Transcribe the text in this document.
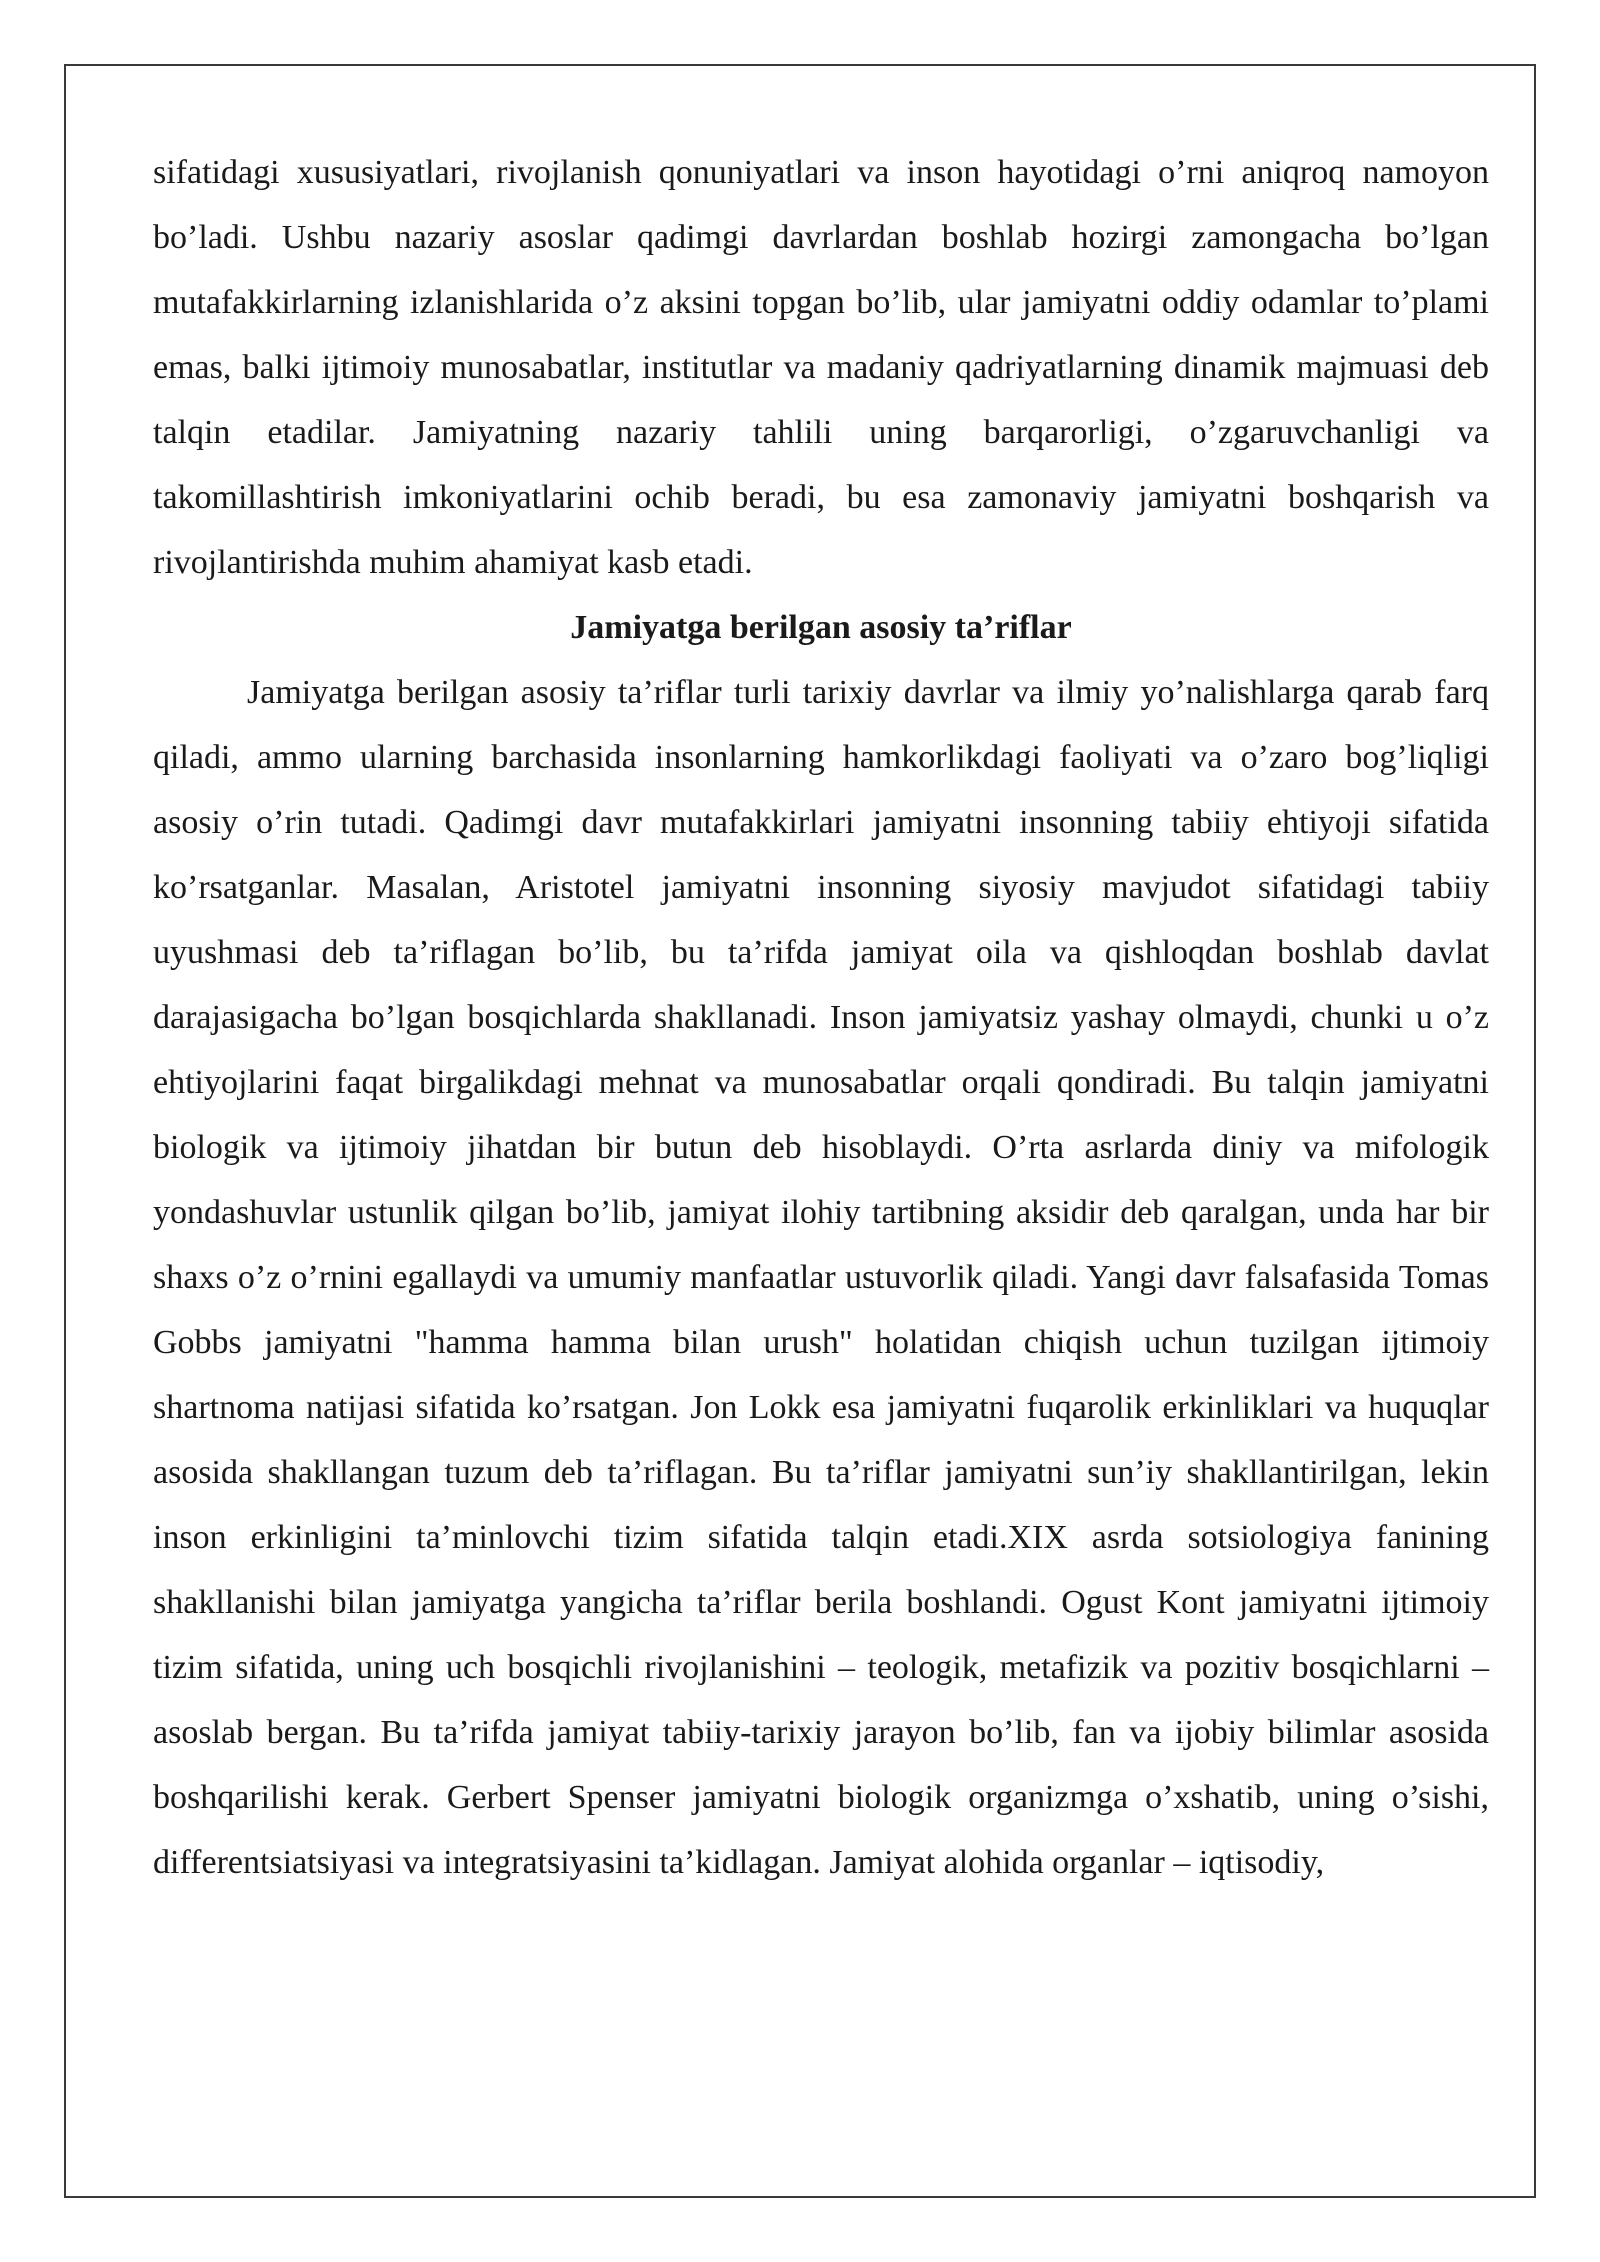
sifatidagi xususiyatlari, rivojlanish qonuniyatlari va inson hayotidagi o’rni aniqroq namoyon bo’ladi. Ushbu nazariy asoslar qadimgi davrlardan boshlab hozirgi zamongacha bo’lgan mutafakkirlarning izlanishlarida o’z aksini topgan bo’lib, ular jamiyatni oddiy odamlar to’plami emas, balki ijtimoiy munosabatlar, institutlar va madaniy qadriyatlarning dinamik majmuasi deb talqin etadilar. Jamiyatning nazariy tahlili uning barqarorligi, o’zgaruvchanligi va takomillashtirish imkoniyatlarini ochib beradi, bu esa zamonaviy jamiyatni boshqarish va rivojlantirishda muhim ahamiyat kasb etadi.

Jamiyatga berilgan asosiy ta’riflar

Jamiyatga berilgan asosiy ta’riflar turli tarixiy davrlar va ilmiy yo’nalishlarga qarab farq qiladi, ammo ularning barchasida insonlarning hamkorlikdagi faoliyati va o’zaro bog’liqligi asosiy o’rin tutadi. Qadimgi davr mutafakkirlari jamiyatni insonning tabiiy ehtiyoji sifatida ko’rsatganlar. Masalan, Aristotel jamiyatni insonning siyosiy mavjudot sifatidagi tabiiy uyushmasi deb ta’riflagan bo’lib, bu ta’rifda jamiyat oila va qishloqdan boshlab davlat darajasigacha bo’lgan bosqichlarda shakllanadi. Inson jamiyatsiz yashay olmaydi, chunki u o’z ehtiyojlarini faqat birgalikdagi mehnat va munosabatlar orqali qondiradi. Bu talqin jamiyatni biologik va ijtimoiy jihatdan bir butun deb hisoblaydi. O’rta asrlarda diniy va mifologik yondashuvlar ustunlik qilgan bo’lib, jamiyat ilohiy tartibning aksidir deb qaralgan, unda har bir shaxs o’z o’rnini egallaydi va umumiy manfaatlar ustuvorlik qiladi. Yangi davr falsafasida Tomas Gobbs jamiyatni "hamma hamma bilan urush" holatidan chiqish uchun tuzilgan ijtimoiy shartnoma natijasi sifatida ko’rsatgan. Jon Lokk esa jamiyatni fuqarolik erkinliklari va huquqlar asosida shakllangan tuzum deb ta’riflagan. Bu ta’riflar jamiyatni sun’iy shakllantirilgan, lekin inson erkinligini ta’minlovchi tizim sifatida talqin etadi.XIX asrda sotsiologiya fanining shakllanishi bilan jamiyatga yangicha ta’riflar berila boshlandi. Ogust Kont jamiyatni ijtimoiy tizim sifatida, uning uch bosqichli rivojlanishini – teologik, metafizik va pozitiv bosqichlarni – asoslab bergan. Bu ta’rifda jamiyat tabiiy-tarixiy jarayon bo’lib, fan va ijobiy bilimlar asosida boshqarilishi kerak. Gerbert Spenser jamiyatni biologik organizmga o’xshatib, uning o’sishi, differentsiatsiyasi va integratsiyasini ta’kidlagan. Jamiyat alohida organlar – iqtisodiy,
